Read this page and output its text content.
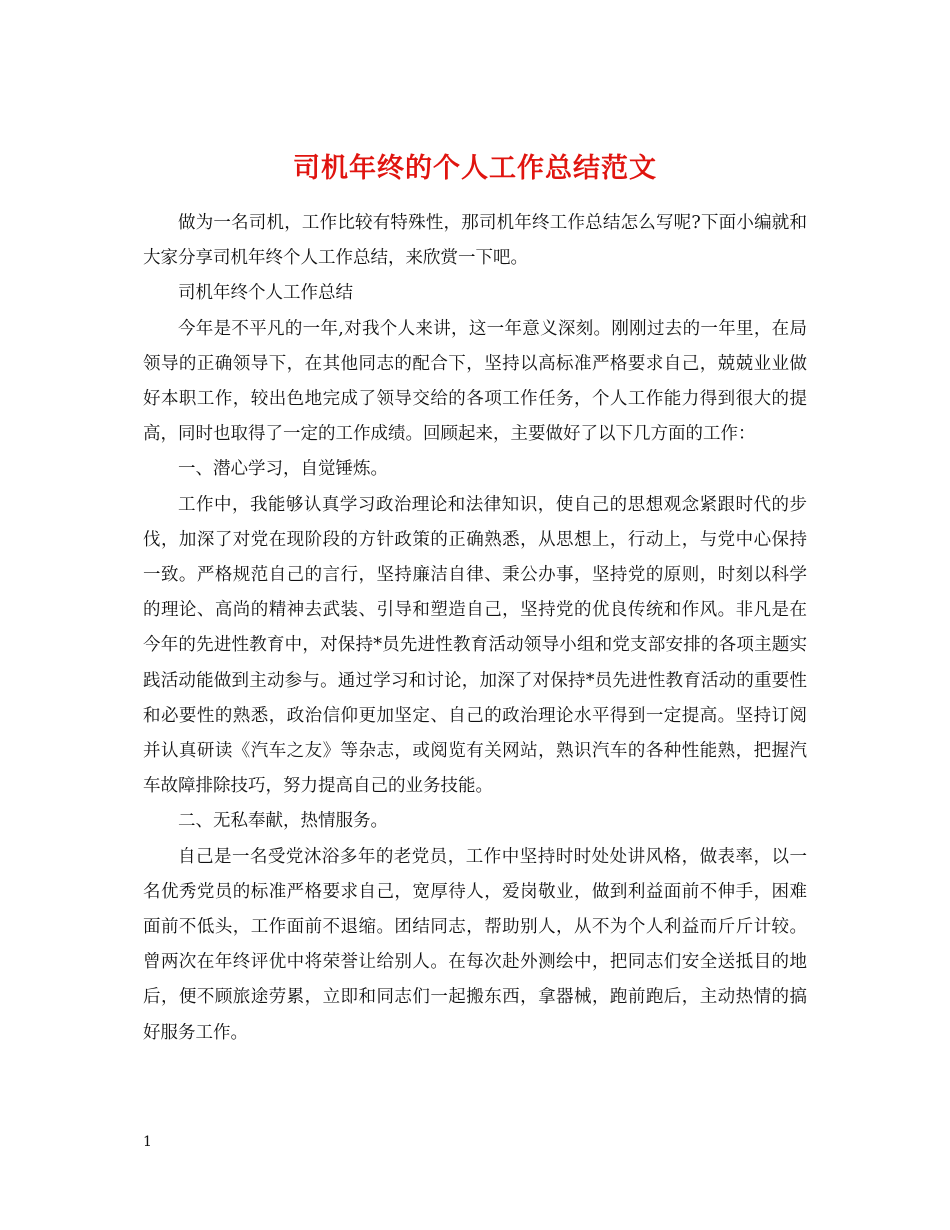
司机年终的个人工作总结范文

做为一名司机，工作比较有特殊性，那司机年终工作总结怎么写呢?下面小编就和大家分享司机年终个人工作总结，来欣赏一下吧。

司机年终个人工作总结

今年是不平凡的一年,对我个人来讲，这一年意义深刻。刚刚过去的一年里，在局领导的正确领导下，在其他同志的配合下，坚持以高标准严格要求自己，兢兢业业做好本职工作，较出色地完成了领导交给的各项工作任务，个人工作能力得到很大的提高，同时也取得了一定的工作成绩。回顾起来，主要做好了以下几方面的工作：

一、潜心学习，自觉锤炼。

工作中，我能够认真学习政治理论和法律知识，使自己的思想观念紧跟时代的步伐，加深了对党在现阶段的方针政策的正确熟悉，从思想上，行动上，与党中心保持一致。严格规范自己的言行，坚持廉洁自律、秉公办事，坚持党的原则，时刻以科学的理论、高尚的精神去武装、引导和塑造自己，坚持党的优良传统和作风。非凡是在今年的先进性教育中，对保持*员先进性教育活动领导小组和党支部安排的各项主题实践活动能做到主动参与。通过学习和讨论，加深了对保持*员先进性教育活动的重要性和必要性的熟悉，政治信仰更加坚定、自己的政治理论水平得到一定提高。坚持订阅并认真研读《汽车之友》等杂志，或阅览有关网站，熟识汽车的各种性能熟，把握汽车故障排除技巧，努力提高自己的业务技能。

二、无私奉献，热情服务。

自己是一名受党沐浴多年的老党员，工作中坚持时时处处讲风格，做表率，以一名优秀党员的标准严格要求自己，宽厚待人，爱岗敬业，做到利益面前不伸手，困难面前不低头，工作面前不退缩。团结同志，帮助别人，从不为个人利益而斤斤计较。曾两次在年终评优中将荣誉让给别人。在每次赴外测绘中，把同志们安全送抵目的地后，便不顾旅途劳累，立即和同志们一起搬东西，拿器械，跑前跑后，主动热情的搞好服务工作。

1
